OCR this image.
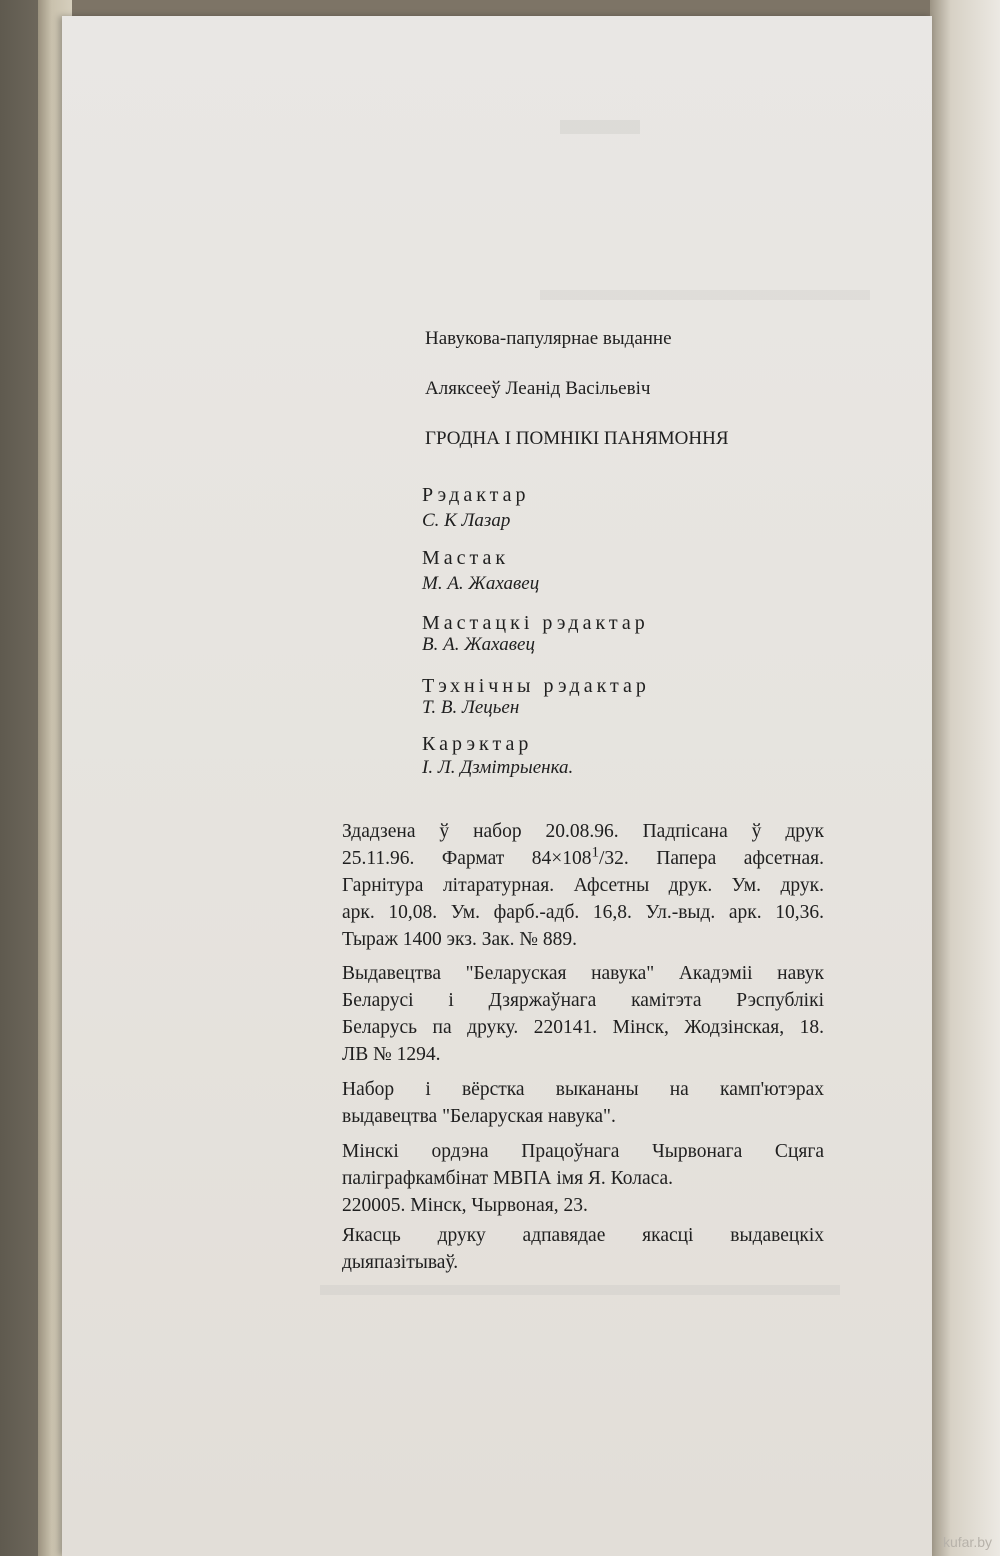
Навукова-папулярнае выданне
Аляксееў Леанід Васільевіч
ГРОДНА І ПОМНІКІ ПАНЯМОННЯ
Рэдактар
С. К Лазар
Мастак
М. А. Жахавец
Мастацкі рэдактар
В. А. Жахавец
Тэхнічны рэдактар
Т. В. Лецьен
Карэктар
І. Л. Дзмітрыенка.
Здадзена ў набор 20.08.96. Падпісана ў друк
25.11.96. Фармат $84\times 108^1/32$. Папера афсетная.
Гарнітура літаратурная. Афсетны друк. Ум. друк.
арк. 10,08. Ум. фарб.-адб. 16,8. Ул.-выд. арк. 10,36.
Тыраж 1400 экз. Зак. № 889.
Выдавецтва "Беларуская навука" Акадэміі навук
Беларусі і Дзяржаўнага камітэта Рэспублікі
Беларусь па друку. 220141. Мінск, Жодзінская, 18.
ЛВ № 1294.
Набор і вёрстка выкананы на камп'ютэрах
выдавецтва "Беларуская навука".
Мінскі ордэна Працоўнага Чырвонага Сцяга
паліграфкамбінат МВПА імя Я. Коласа.
220005. Мінск, Чырвоная, 23.
Якасць друку адпавядае якасці выдавецкіх
дыяпазітываў.
kufar.by
